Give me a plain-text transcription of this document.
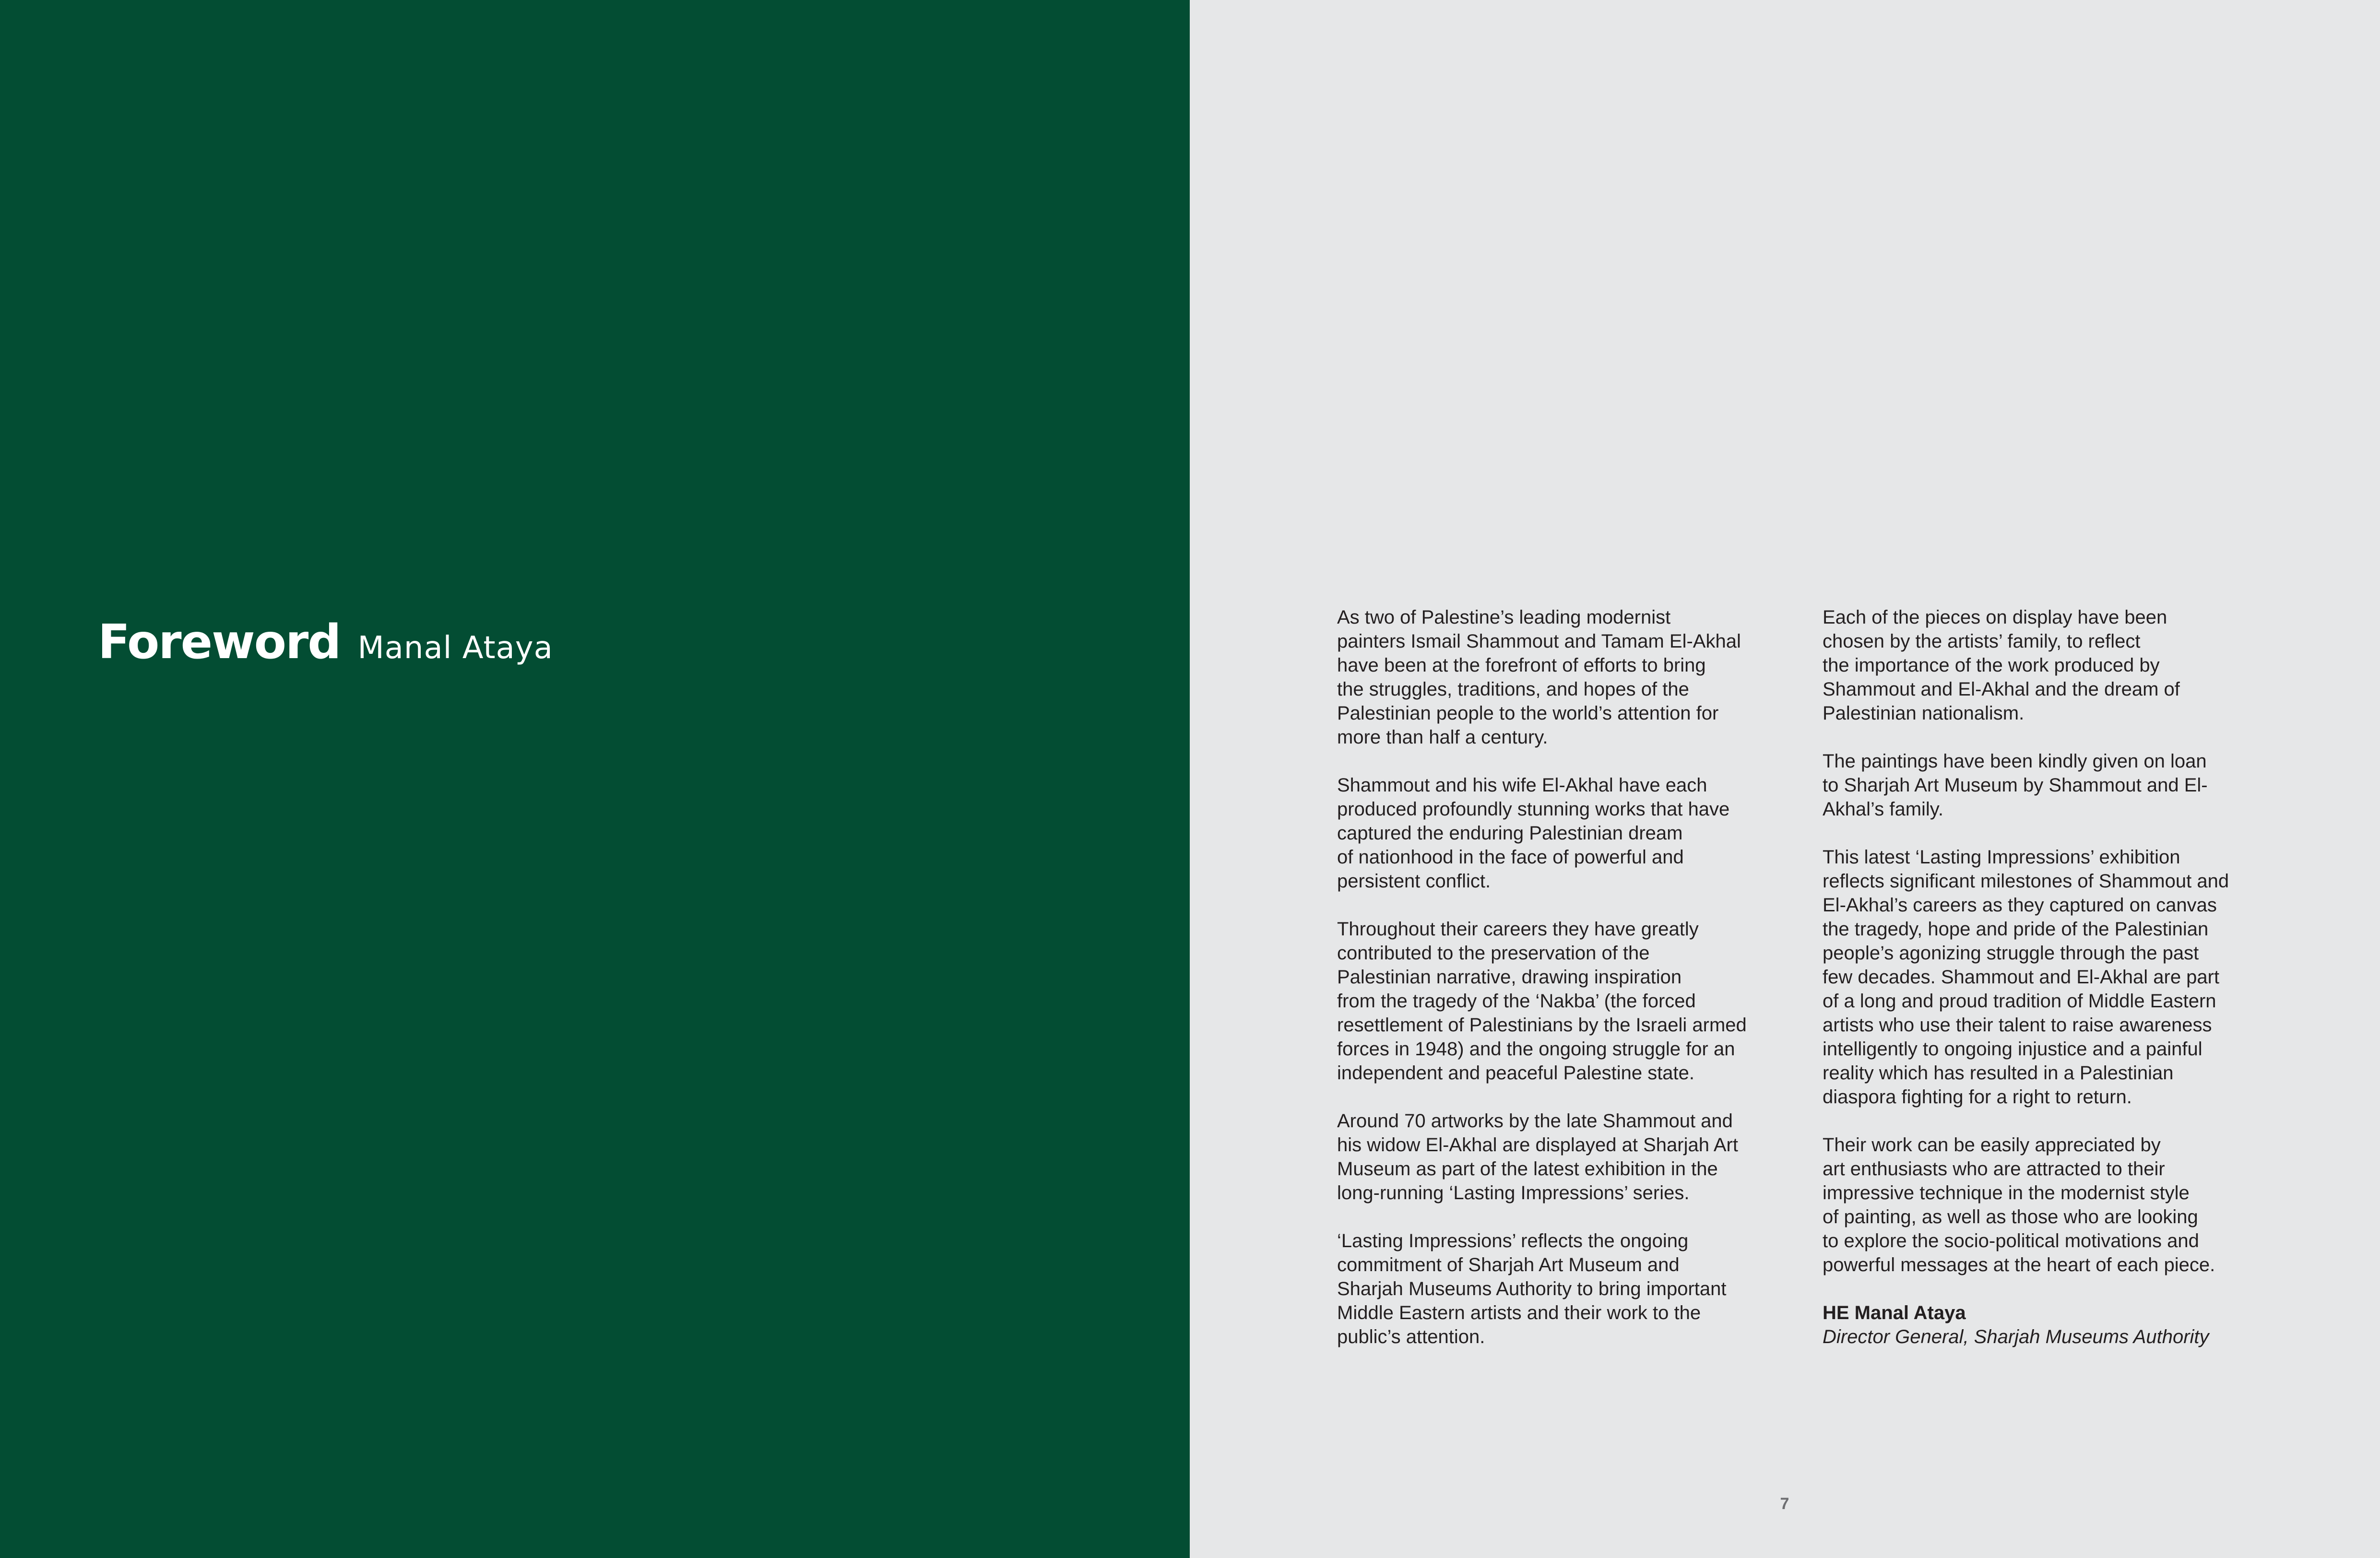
Foreword Manal Ataya

As two of Palestine’s leading modernist
painters Ismail Shammout and Tamam El-Akhal
have been at the forefront of efforts to bring
the struggles, traditions, and hopes of the
Palestinian people to the world’s attention for
more than half a century.

Shammout and his wife El-Akhal have each
produced profoundly stunning works that have
captured the enduring Palestinian dream
of nationhood in the face of powerful and
persistent conflict.

Throughout their careers they have greatly
contributed to the preservation of the
Palestinian narrative, drawing inspiration
from the tragedy of the ‘Nakba’ (the forced
resettlement of Palestinians by the Israeli armed
forces in 1948) and the ongoing struggle for an
independent and peaceful Palestine state.

Around 70 artworks by the late Shammout and
his widow El-Akhal are displayed at Sharjah Art
Museum as part of the latest exhibition in the
long-running ‘Lasting Impressions’ series.

‘Lasting Impressions’ reflects the ongoing
commitment of Sharjah Art Museum and
Sharjah Museums Authority to bring important
Middle Eastern artists and their work to the
public’s attention.

Each of the pieces on display have been
chosen by the artists’ family, to reflect
the importance of the work produced by
Shammout and El-Akhal and the dream of
Palestinian nationalism.

The paintings have been kindly given on loan
to Sharjah Art Museum by Shammout and El-
Akhal’s family.

This latest ‘Lasting Impressions’ exhibition
reflects significant milestones of Shammout and
El-Akhal’s careers as they captured on canvas
the tragedy, hope and pride of the Palestinian
people’s agonizing struggle through the past
few decades. Shammout and El-Akhal are part
of a long and proud tradition of Middle Eastern
artists who use their talent to raise awareness
intelligently to ongoing injustice and a painful
reality which has resulted in a Palestinian
diaspora fighting for a right to return.

Their work can be easily appreciated by
art enthusiasts who are attracted to their
impressive technique in the modernist style
of painting, as well as those who are looking
to explore the socio-political motivations and
powerful messages at the heart of each piece.

HE Manal Ataya
Director General, Sharjah Museums Authority
7
